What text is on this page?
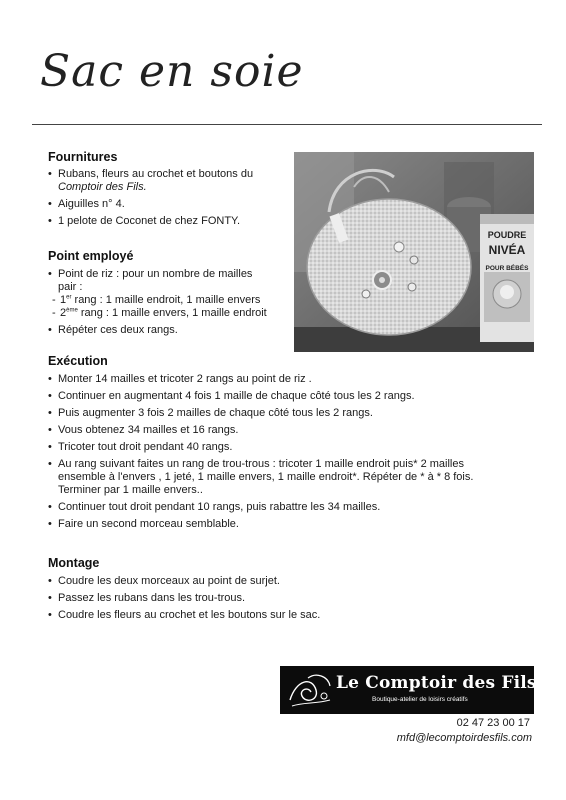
Sac en soie
Fournitures
• Rubans, fleurs au crochet et boutons du
Comptoir des Fils.
• Aiguilles n° 4.
• 1 pelote de Coconet de chez FONTY.
Point employé
• Point de riz : pour un nombre de mailles
pair :
- 1er rang : 1 maille endroit, 1 maille envers
- 2ème rang : 1 maille envers, 1 maille endroit
• Répéter ces deux rangs.
POUDRE
NIVÉA
POUR BÉBÉS
Exécution
• Monter 14 mailles et tricoter 2 rangs au point de riz .
• Continuer en augmentant 4 fois 1 maille de chaque côté tous les 2 rangs.
• Puis augmenter 3 fois 2 mailles de chaque côté tous les 2 rangs.
• Vous obtenez 34 mailles et 16 rangs.
• Tricoter tout droit pendant 40 rangs.
• Au rang suivant faites un rang de trou-trous : tricoter 1 maille endroit puis* 2 mailles
ensemble à l'envers , 1 jeté, 1 maille envers, 1 maille endroit*. Répéter de * à * 8 fois.
Terminer par 1 maille envers..
• Continuer tout droit pendant 10 rangs, puis rabattre les 34 mailles.
• Faire un second morceau semblable.
Montage
• Coudre les deux morceaux au point de surjet.
• Passez les rubans dans les trou-trous.
• Coudre les fleurs au crochet et les boutons sur le sac.
Le Comptoir des Fils
Boutique-atelier de loisirs créatifs
02 47 23 00 17
mfd@lecomptoirdesfils.com
